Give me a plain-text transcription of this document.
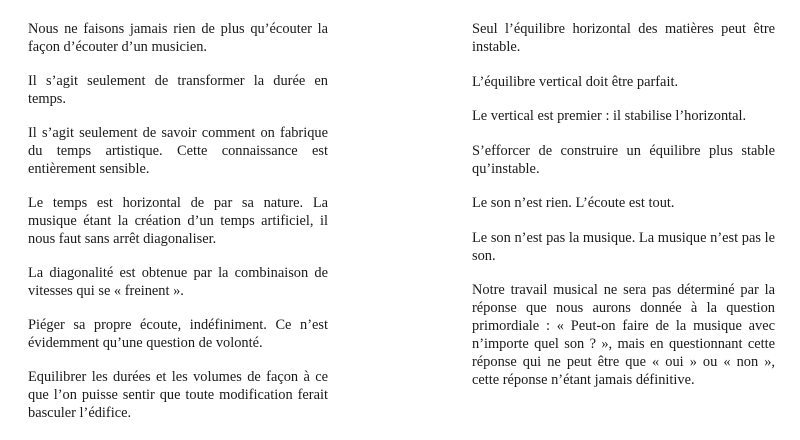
Nous ne faisons jamais rien de plus qu’écouter la façon d’écouter d’un musicien.

Il s’agit seulement de transformer la durée en temps.

Il s’agit seulement de savoir comment on fabrique du temps artistique. Cette connaissance est entièrement sensible.

Le temps est horizontal de par sa nature. La musique étant la création d’un temps artificiel, il nous faut sans arrêt diagonaliser.

La diagonalité est obtenue par la combinaison de vitesses qui se « freinent ».

Piéger sa propre écoute, indéfiniment. Ce n’est évidemment qu’une question de volonté.

Equilibrer les durées et les volumes de façon à ce que l’on puisse sentir que toute modification ferait basculer l’édifice.

Seul l’équilibre horizontal des matières peut être instable.

L’équilibre vertical doit être parfait.

Le vertical est premier : il stabilise l’horizontal.

S’efforcer de construire un équilibre plus stable qu’instable.

Le son n’est rien. L’écoute est tout.

Le son n’est pas la musique. La musique n’est pas le son.

Notre travail musical ne sera pas déterminé par la réponse que nous aurons donnée à la question primordiale : « Peut-on faire de la musique avec n’importe quel son ? », mais en questionnant cette réponse qui ne peut être que « oui » ou « non », cette réponse n’étant jamais définitive.
